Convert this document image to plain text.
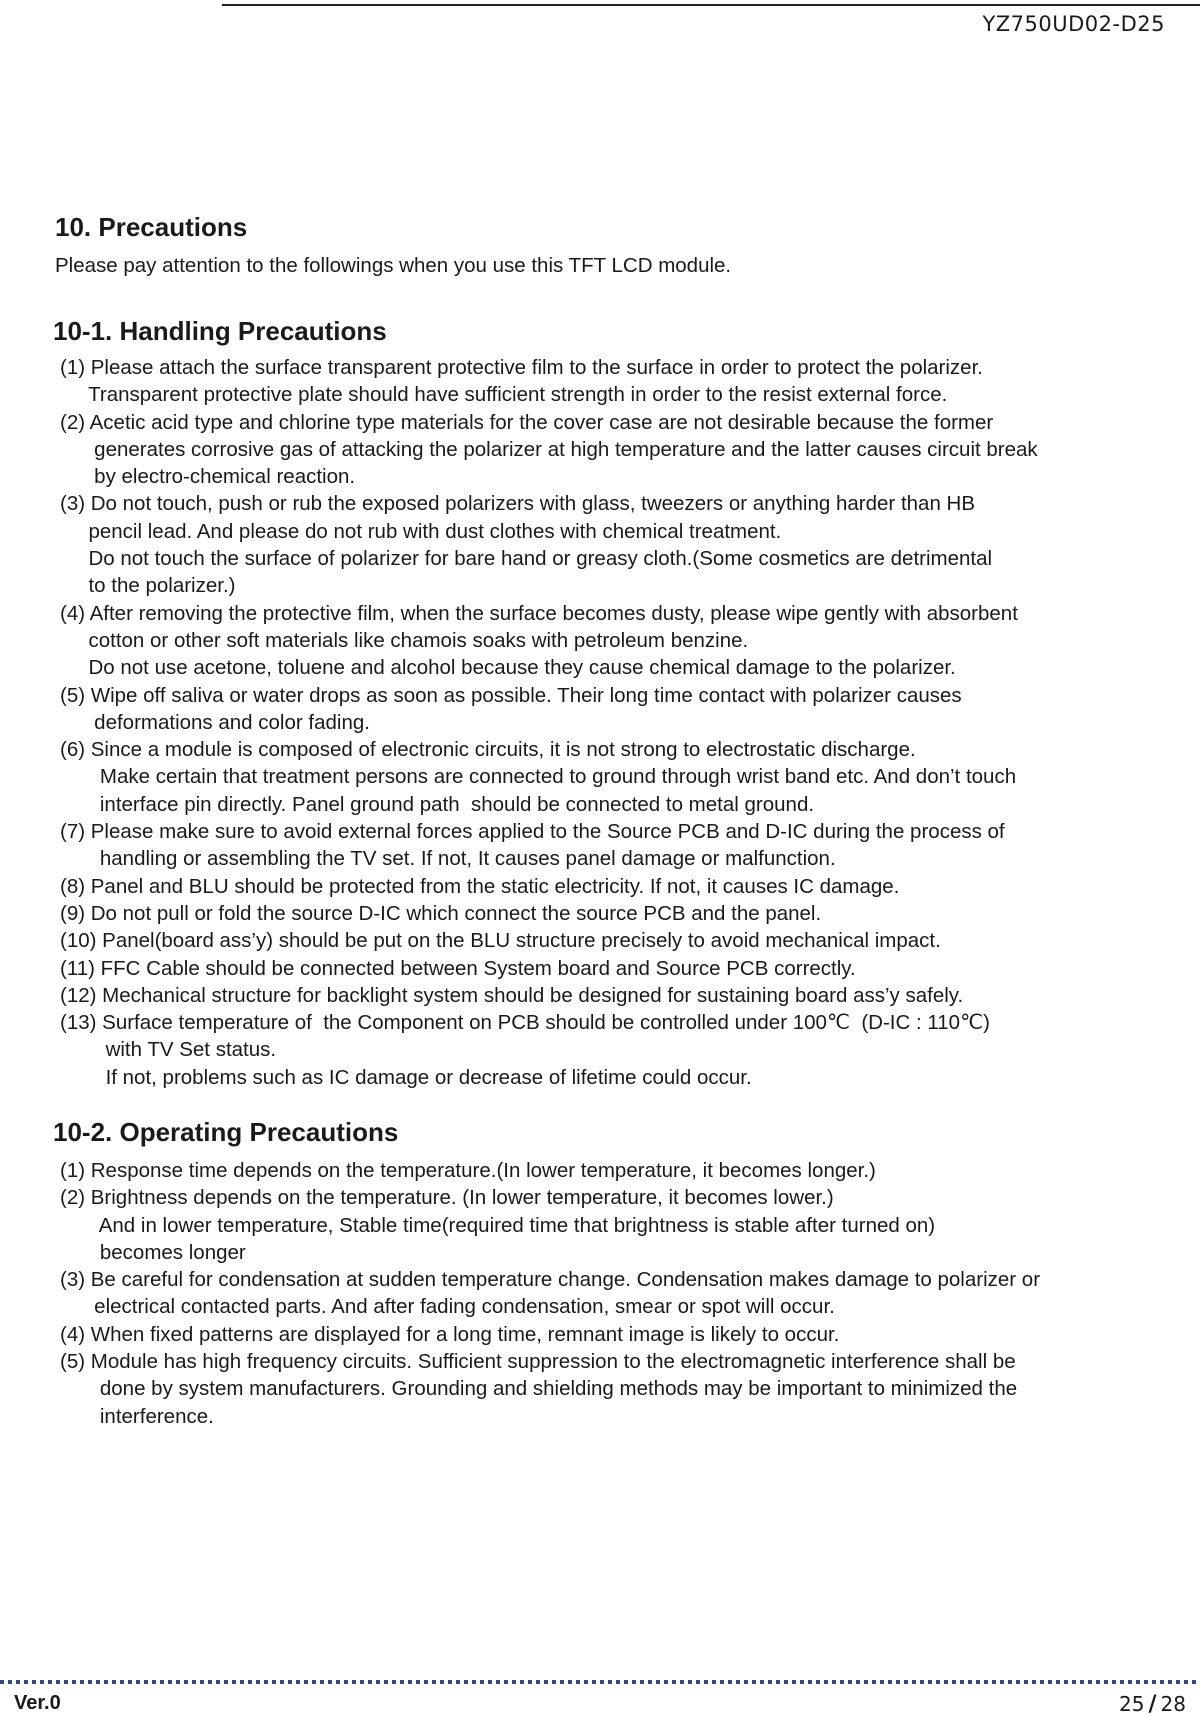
YZ750UD02-D25
10. Precautions
Please pay attention to the followings when you use this TFT LCD module.
10-1. Handling Precautions
(1) Please attach the surface transparent protective film to the surface in order to protect the polarizer.
Transparent protective plate should have sufficient strength in order to the resist external force.
(2) Acetic acid type and chlorine type materials for the cover case are not desirable because the former
generates corrosive gas of attacking the polarizer at high temperature and the latter causes circuit break
by electro-chemical reaction.
(3) Do not touch, push or rub the exposed polarizers with glass, tweezers or anything harder than HB
pencil lead. And please do not rub with dust clothes with chemical treatment.
Do not touch the surface of polarizer for bare hand or greasy cloth.(Some cosmetics are detrimental
to the polarizer.)
(4) After removing the protective film, when the surface becomes dusty, please wipe gently with absorbent
cotton or other soft materials like chamois soaks with petroleum benzine.
Do not use acetone, toluene and alcohol because they cause chemical damage to the polarizer.
(5) Wipe off saliva or water drops as soon as possible. Their long time contact with polarizer causes
deformations and color fading.
(6) Since a module is composed of electronic circuits, it is not strong to electrostatic discharge.
Make certain that treatment persons are connected to ground through wrist band etc. And don’t touch
interface pin directly. Panel ground path  should be connected to metal ground.
(7) Please make sure to avoid external forces applied to the Source PCB and D-IC during the process of
handling or assembling the TV set. If not, It causes panel damage or malfunction.
(8) Panel and BLU should be protected from the static electricity. If not, it causes IC damage.
(9) Do not pull or fold the source D-IC which connect the source PCB and the panel.
(10) Panel(board ass’y) should be put on the BLU structure precisely to avoid mechanical impact.
(11) FFC Cable should be connected between System board and Source PCB correctly.
(12) Mechanical structure for backlight system should be designed for sustaining board ass’y safely.
(13) Surface temperature of  the Component on PCB should be controlled under 100℃  (D-IC : 110℃)
with TV Set status.
If not, problems such as IC damage or decrease of lifetime could occur.
10-2. Operating Precautions
(1) Response time depends on the temperature.(In lower temperature, it becomes longer.)
(2) Brightness depends on the temperature. (In lower temperature, it becomes lower.)
And in lower temperature, Stable time(required time that brightness is stable after turned on)
becomes longer
(3) Be careful for condensation at sudden temperature change. Condensation makes damage to polarizer or
electrical contacted parts. And after fading condensation, smear or spot will occur.
(4) When fixed patterns are displayed for a long time, remnant image is likely to occur.
(5) Module has high frequency circuits. Sufficient suppression to the electromagnetic interference shall be
done by system manufacturers. Grounding and shielding methods may be important to minimized the
interference.
Ver.0	25 / 28
